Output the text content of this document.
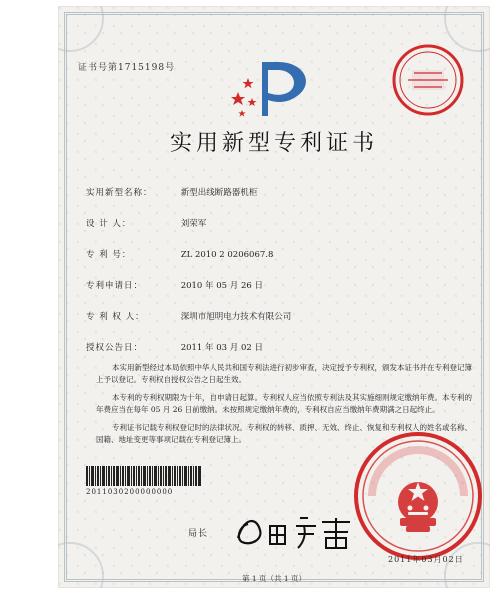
证书号第1715198号
实用新型专利证书
实用新型名称：	新型出线断路器机柜
设 计 人：	刘荣军
专 利 号：	ZL 2010 2 0206067.8
专利申请日：	2010 年 05 月 26 日
专 利 权 人：	深圳市旭明电力技术有限公司
授权公告日：	2011 年 03 月 02 日

本实用新型经过本局依照中华人民共和国专利法进行初步审查，决定授予专利权，颁发本证书并在专利登记簿上予以登记。专利权自授权公告之日起生效。

本专利的专利权期限为十年，自申请日起算。专利权人应当依照专利法及其实施细则规定缴纳年费。本专利的年费应当在每年 05 月 26 日前缴纳。未按照规定缴纳年费的，专利权自应当缴纳年费期满之日起终止。

专利证书记载专利权登记时的法律状况。专利权的转移、质押、无效、终止、恢复和专利权人的姓名或名称、国籍、地址变更等事项记载在专利登记簿上。

2011030200000000
局长
2011年03月02日
第 1 页（共 1 页）
